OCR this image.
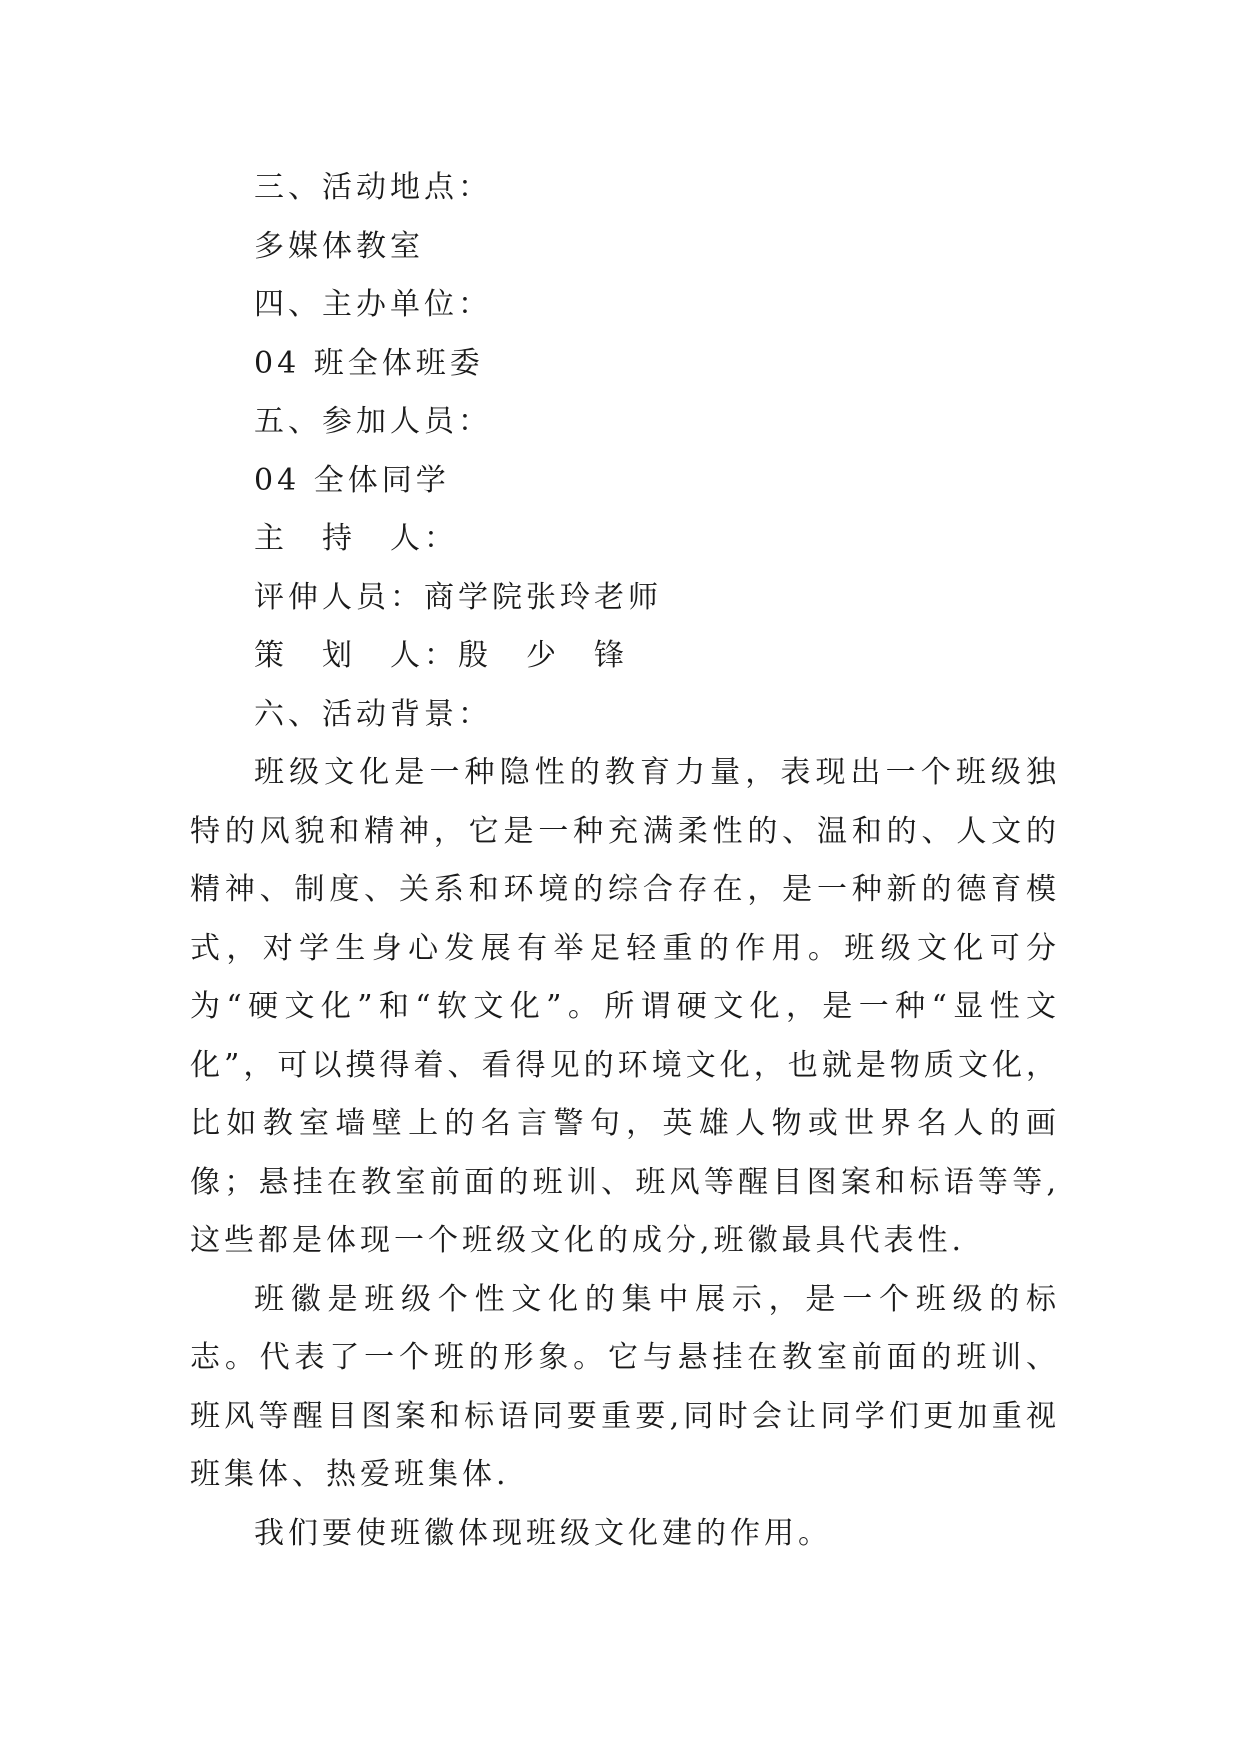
三、活动地点：
多媒体教室
四、主办单位：
04 班全体班委
五、参加人员：
04 全体同学
主　持　人：
评伸人员：商学院张玲老师
策　划　人：殷　少　锋
六、活动背景：

班级文化是一种隐性的教育力量，表现出一个班级独特的风貌和精神，它是一种充满柔性的、温和的、人文的精神、制度、关系和环境的综合存在，是一种新的德育模式，对学生身心发展有举足轻重的作用。班级文化可分为“硬文化”和“软文化”。所谓硬文化，是一种“显性文化”，可以摸得着、看得见的环境文化，也就是物质文化，比如教室墙壁上的名言警句，英雄人物或世界名人的画像；悬挂在教室前面的班训、班风等醒目图案和标语等等,这些都是体现一个班级文化的成分,班徽最具代表性.

班徽是班级个性文化的集中展示，是一个班级的标志。代表了一个班的形象。它与悬挂在教室前面的班训、班风等醒目图案和标语同要重要,同时会让同学们更加重视班集体、热爱班集体.

我们要使班徽体现班级文化建的作用。
